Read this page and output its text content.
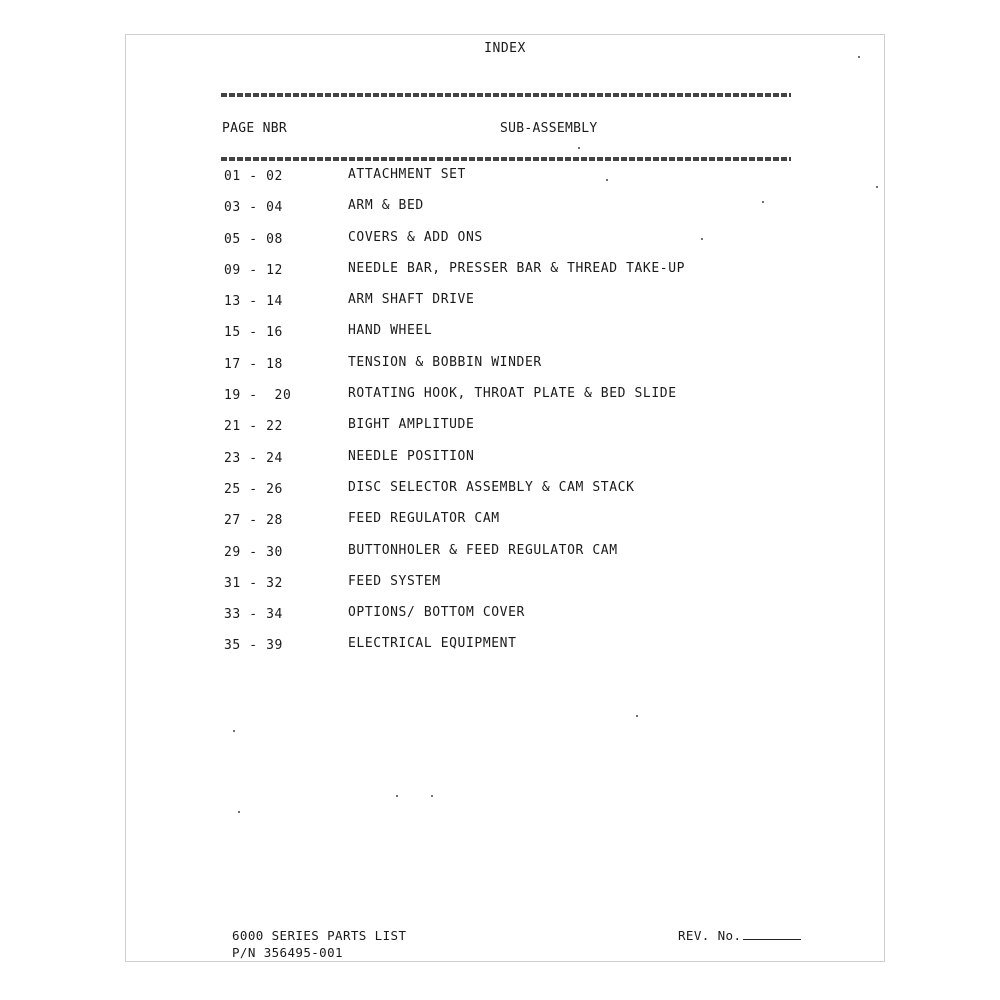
INDEX
PAGE NBR	SUB-ASSEMBLY
01 - 02	ATTACHMENT SET
03 - 04	ARM & BED
05 - 08	COVERS & ADD ONS
09 - 12	NEEDLE BAR, PRESSER BAR & THREAD TAKE-UP
13 - 14	ARM SHAFT DRIVE
15 - 16	HAND WHEEL
17 - 18	TENSION & BOBBIN WINDER
19 -  20	ROTATING HOOK, THROAT PLATE & BED SLIDE
21 - 22	BIGHT AMPLITUDE
23 - 24	NEEDLE POSITION
25 - 26	DISC SELECTOR ASSEMBLY & CAM STACK
27 - 28	FEED REGULATOR CAM
29 - 30	BUTTONHOLER & FEED REGULATOR CAM
31 - 32	FEED SYSTEM
33 - 34	OPTIONS/ BOTTOM COVER
35 - 39	ELECTRICAL EQUIPMENT
6000 SERIES PARTS LIST
P/N 356495-001
REV. No.
